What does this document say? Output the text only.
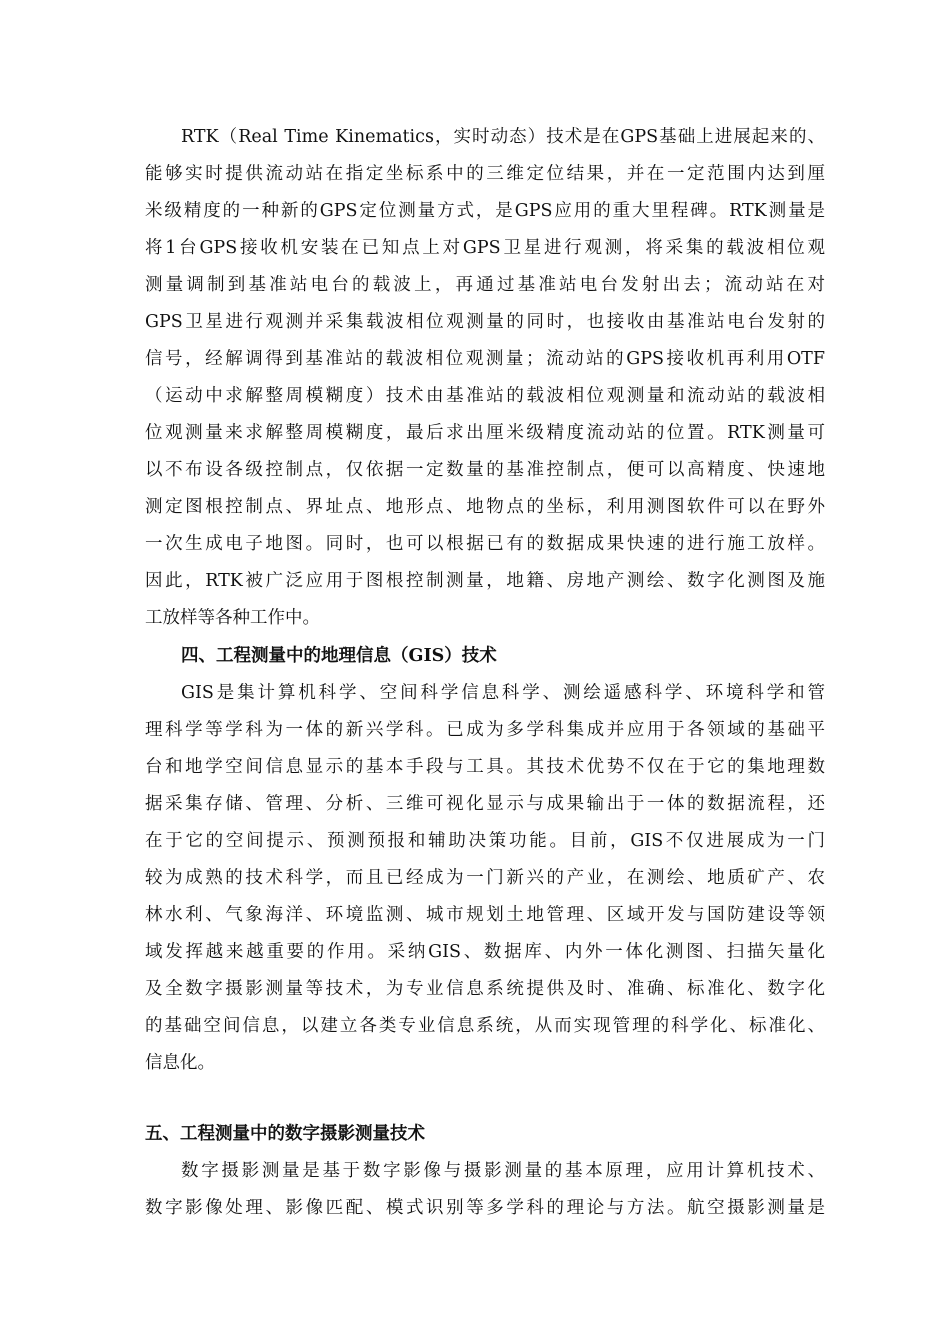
RTK（Real Time Kinematics，实时动态）技术是在GPS基础上进展起来的、
能够实时提供流动站在指定坐标系中的三维定位结果，并在一定范围内达到厘
米级精度的一种新的GPS定位测量方式，是GPS应用的重大里程碑。RTK测量是
将1台GPS接收机安装在已知点上对GPS卫星进行观测，将采集的载波相位观
测量调制到基准站电台的载波上，再通过基准站电台发射出去；流动站在对
GPS卫星进行观测并采集载波相位观测量的同时，也接收由基准站电台发射的
信号，经解调得到基准站的载波相位观测量；流动站的GPS接收机再利用OTF
（运动中求解整周模糊度）技术由基准站的载波相位观测量和流动站的载波相
位观测量来求解整周模糊度，最后求出厘米级精度流动站的位置。RTK测量可
以不布设各级控制点，仅依据一定数量的基准控制点，便可以高精度、快速地
测定图根控制点、界址点、地形点、地物点的坐标，利用测图软件可以在野外
一次生成电子地图。同时，也可以根据已有的数据成果快速的进行施工放样。
因此，RTK被广泛应用于图根控制测量，地籍、房地产测绘、数字化测图及施
工放样等各种工作中。
四、工程测量中的地理信息（GIS）技术
GIS是集计算机科学、空间科学信息科学、测绘遥感科学、环境科学和管
理科学等学科为一体的新兴学科。已成为多学科集成并应用于各领域的基础平
台和地学空间信息显示的基本手段与工具。其技术优势不仅在于它的集地理数
据采集存储、管理、分析、三维可视化显示与成果输出于一体的数据流程，还
在于它的空间提示、预测预报和辅助决策功能。目前，GIS不仅进展成为一门
较为成熟的技术科学，而且已经成为一门新兴的产业，在测绘、地质矿产、农
林水利、气象海洋、环境监测、城市规划土地管理、区域开发与国防建设等领
域发挥越来越重要的作用。采纳GIS、数据库、内外一体化测图、扫描矢量化
及全数字摄影测量等技术，为专业信息系统提供及时、准确、标准化、数字化
的基础空间信息，以建立各类专业信息系统，从而实现管理的科学化、标准化、
信息化。
五、工程测量中的数字摄影测量技术
数字摄影测量是基于数字影像与摄影测量的基本原理，应用计算机技术、
数字影像处理、影像匹配、模式识别等多学科的理论与方法。航空摄影测量是
